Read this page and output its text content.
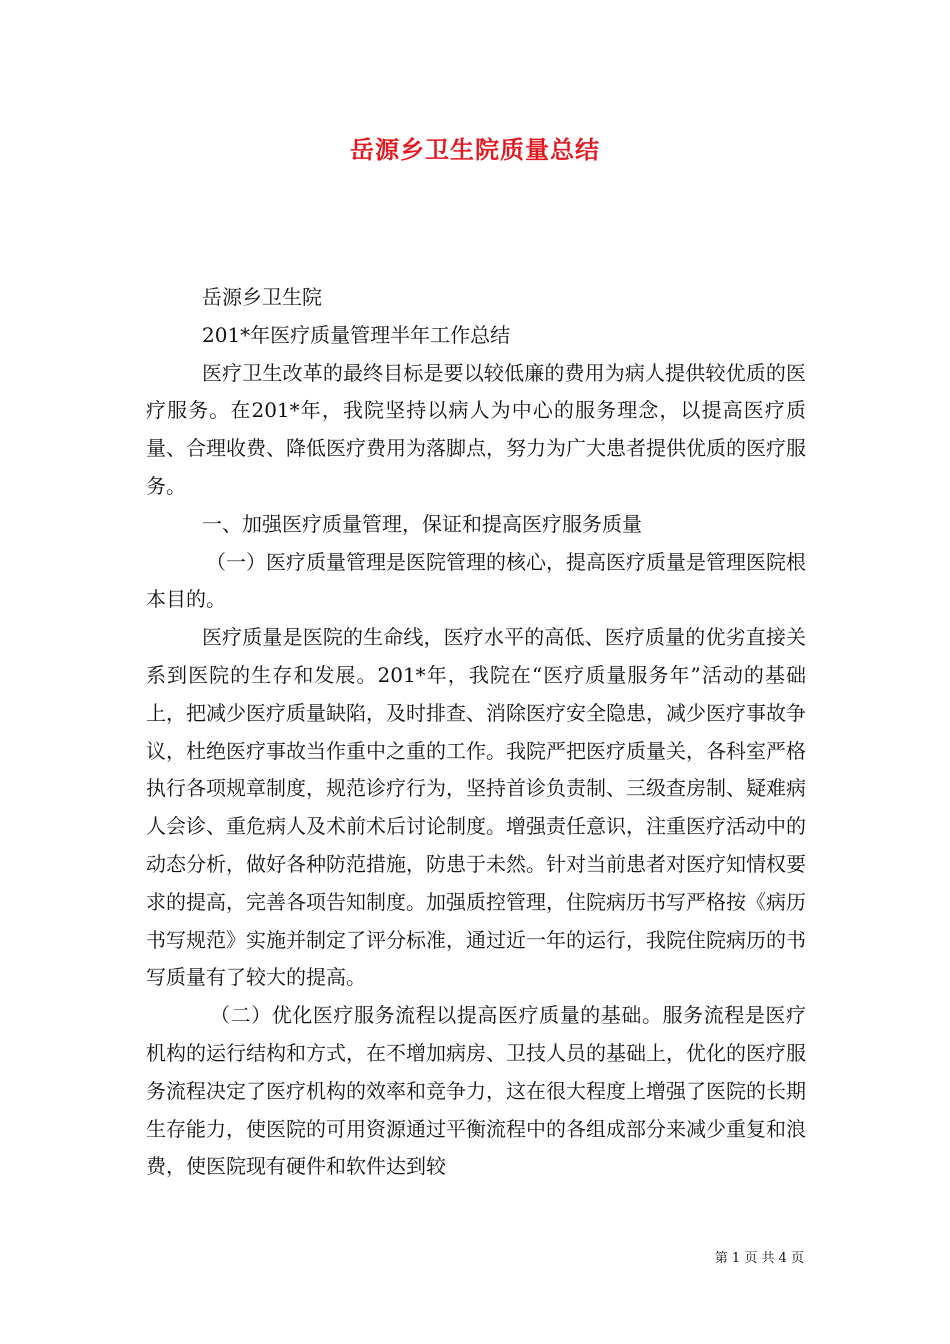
岳源乡卫生院质量总结

岳源乡卫生院

201*年医疗质量管理半年工作总结

医疗卫生改革的最终目标是要以较低廉的费用为病人提供较优质的医疗服务。在201*年，我院坚持以病人为中心的服务理念，以提高医疗质量、合理收费、降低医疗费用为落脚点，努力为广大患者提供优质的医疗服务。

一、加强医疗质量管理，保证和提高医疗服务质量

（一）医疗质量管理是医院管理的核心，提高医疗质量是管理医院根本目的。

医疗质量是医院的生命线，医疗水平的高低、医疗质量的优劣直接关系到医院的生存和发展。201*年，我院在“医疗质量服务年”活动的基础上，把减少医疗质量缺陷，及时排查、消除医疗安全隐患，减少医疗事故争议，杜绝医疗事故当作重中之重的工作。我院严把医疗质量关，各科室严格执行各项规章制度，规范诊疗行为，坚持首诊负责制、三级查房制、疑难病人会诊、重危病人及术前术后讨论制度。增强责任意识，注重医疗活动中的动态分析，做好各种防范措施，防患于未然。针对当前患者对医疗知情权要求的提高，完善各项告知制度。加强质控管理，住院病历书写严格按《病历书写规范》实施并制定了评分标准，通过近一年的运行，我院住院病历的书写质量有了较大的提高。

（二）优化医疗服务流程以提高医疗质量的基础。服务流程是医疗机构的运行结构和方式，在不增加病房、卫技人员的基础上，优化的医疗服务流程决定了医疗机构的效率和竞争力，这在很大程度上增强了医院的长期生存能力，使医院的可用资源通过平衡流程中的各组成部分来减少重复和浪费，使医院现有硬件和软件达到较

第 1 页 共 4 页
